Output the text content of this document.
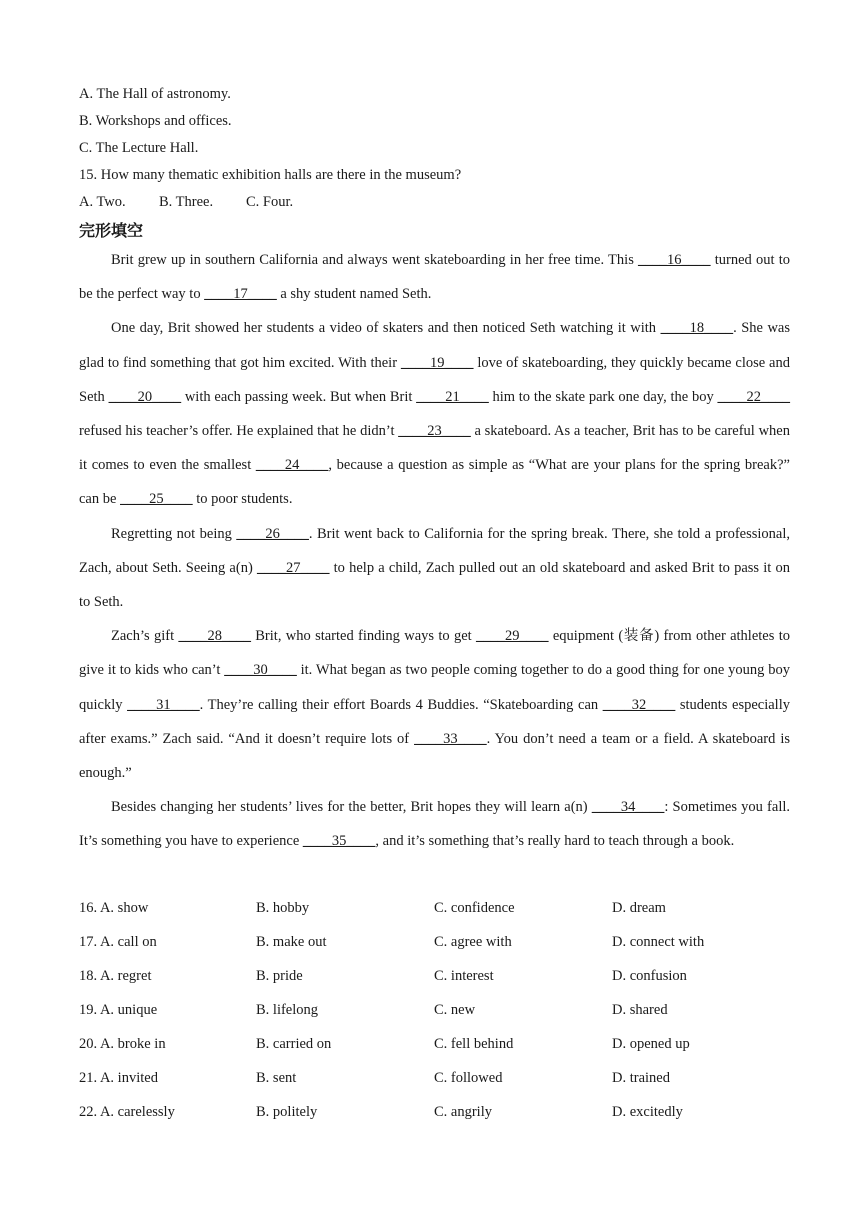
A. The Hall of astronomy.
B. Workshops and offices.
C. The Lecture Hall.
15. How many thematic exhibition halls are there in the museum?
A. Two. B. Three. C. Four.
完形填空

Brit grew up in southern California and always went skateboarding in her free time. This ____16____ turned out to be the perfect way to ____17____ a shy student named Seth.

One day, Brit showed her students a video of skaters and then noticed Seth watching it with ____18____. She was glad to find something that got him excited. With their ____19____ love of skateboarding, they quickly became close and Seth ____20____ with each passing week. But when Brit ____21____ him to the skate park one day, the boy ____22____ refused his teacher’s offer. He explained that he didn’t ____23____ a skateboard. As a teacher, Brit has to be careful when it comes to even the smallest ____24____, because a question as simple as “What are your plans for the spring break?” can be ____25____ to poor students.

Regretting not being ____26____. Brit went back to California for the spring break. There, she told a professional, Zach, about Seth. Seeing a(n) ____27____ to help a child, Zach pulled out an old skateboard and asked Brit to pass it on to Seth.

Zach’s gift ____28____ Brit, who started finding ways to get ____29____ equipment (装备) from other athletes to give it to kids who can’t ____30____ it. What began as two people coming together to do a good thing for one young boy quickly ____31____. They’re calling their effort Boards 4 Buddies. “Skateboarding can ____32____ students especially after exams.” Zach said. “And it doesn’t require lots of ____33____. You don’t need a team or a field. A skateboard is enough.”

Besides changing her students’ lives for the better, Brit hopes they will learn a(n) ____34____: Sometimes you fall. It’s something you have to experience ____35____, and it’s something that’s really hard to teach through a book.

16. A. show	B. hobby	C. confidence	D. dream
17. A. call on	B. make out	C. agree with	D. connect with
18. A. regret	B. pride	C. interest	D. confusion
19. A. unique	B. lifelong	C. new	D. shared
20. A. broke in	B. carried on	C. fell behind	D. opened up
21. A. invited	B. sent	C. followed	D. trained
22. A. carelessly	B. politely	C. angrily	D. excitedly
